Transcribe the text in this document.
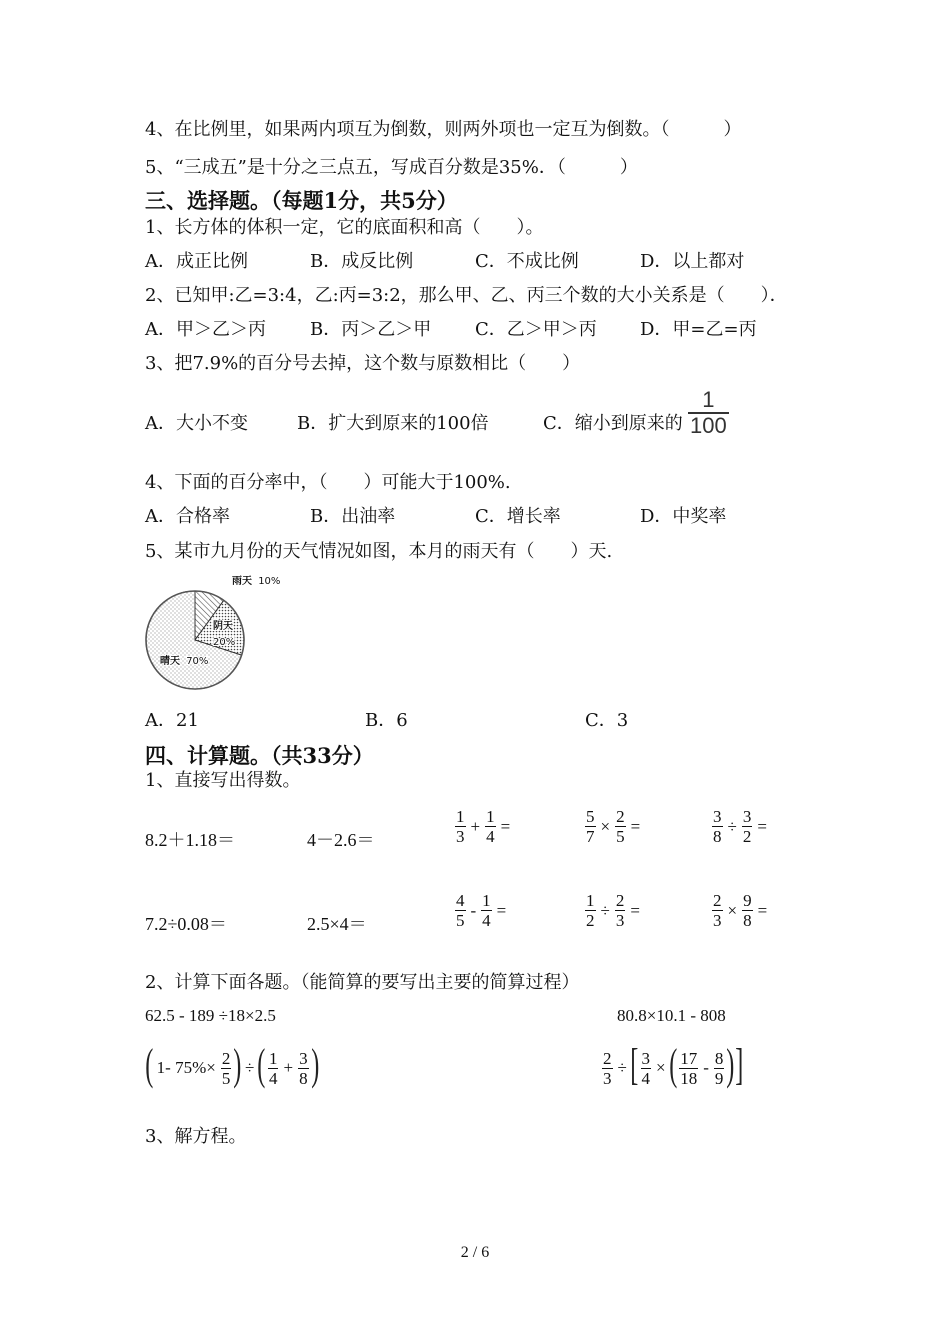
4、在比例里，如果两内项互为倒数，则两外项也一定互为倒数。（　　　）
5、“三成五”是十分之三点五，写成百分数是35%．（　　　）
三、选择题。（每题1分，共5分）
1、长方体的体积一定，它的底面积和高（　　）。
A．成正比例	B．成反比例	C．不成比例	D．以上都对
2、已知甲:乙=3:4，乙:丙=3:2，那么甲、乙、丙三个数的大小关系是（　　）．
A．甲＞乙＞丙 B．丙＞乙＞甲 C．乙＞甲＞丙 D．甲=乙=丙
3、把7.9%的百分号去掉，这个数与原数相比（　　）
A．大小不变	B．扩大到原来的100倍	C．缩小到原来的 $\frac{1}{100}$
4、下面的百分率中，（　　）可能大于100%.
A．合格率	B．出油率	C．增长率	D．中奖率
5、某市九月份的天气情况如图，本月的雨天有（　　）天.
雨天 10%
阴天
20%
晴天 70%
A．21	B．6	C．3
四、计算题。（共33分）
1、直接写出得数。
8.2＋1.18＝	4－2.6＝	$\frac{1}{3} + \frac{1}{4}$ =	$\frac{5}{7} \times \frac{2}{5}$ =	$\frac{3}{8} \div \frac{3}{2}$ =
7.2÷0.08＝	2.5×4＝	$\frac{4}{5} - \frac{1}{4}$ =	$\frac{1}{2} \div \frac{2}{3}$ =	$\frac{2}{3} \times \frac{9}{8}$ =
2、计算下面各题。（能简算的要写出主要的简算过程）
62.5 - 189 ÷18×2.5	80.8×10.1 - 808
( 1- $75\%\times \frac{2}{5}$ ) ÷ ( $\frac{1}{4} + \frac{3}{8}$ )	$\frac{2}{3}$ ÷ [ $\frac{3}{4}$ × ( $\frac{17}{18} - \frac{8}{9}$ ) ]
3、解方程。
2 / 6
